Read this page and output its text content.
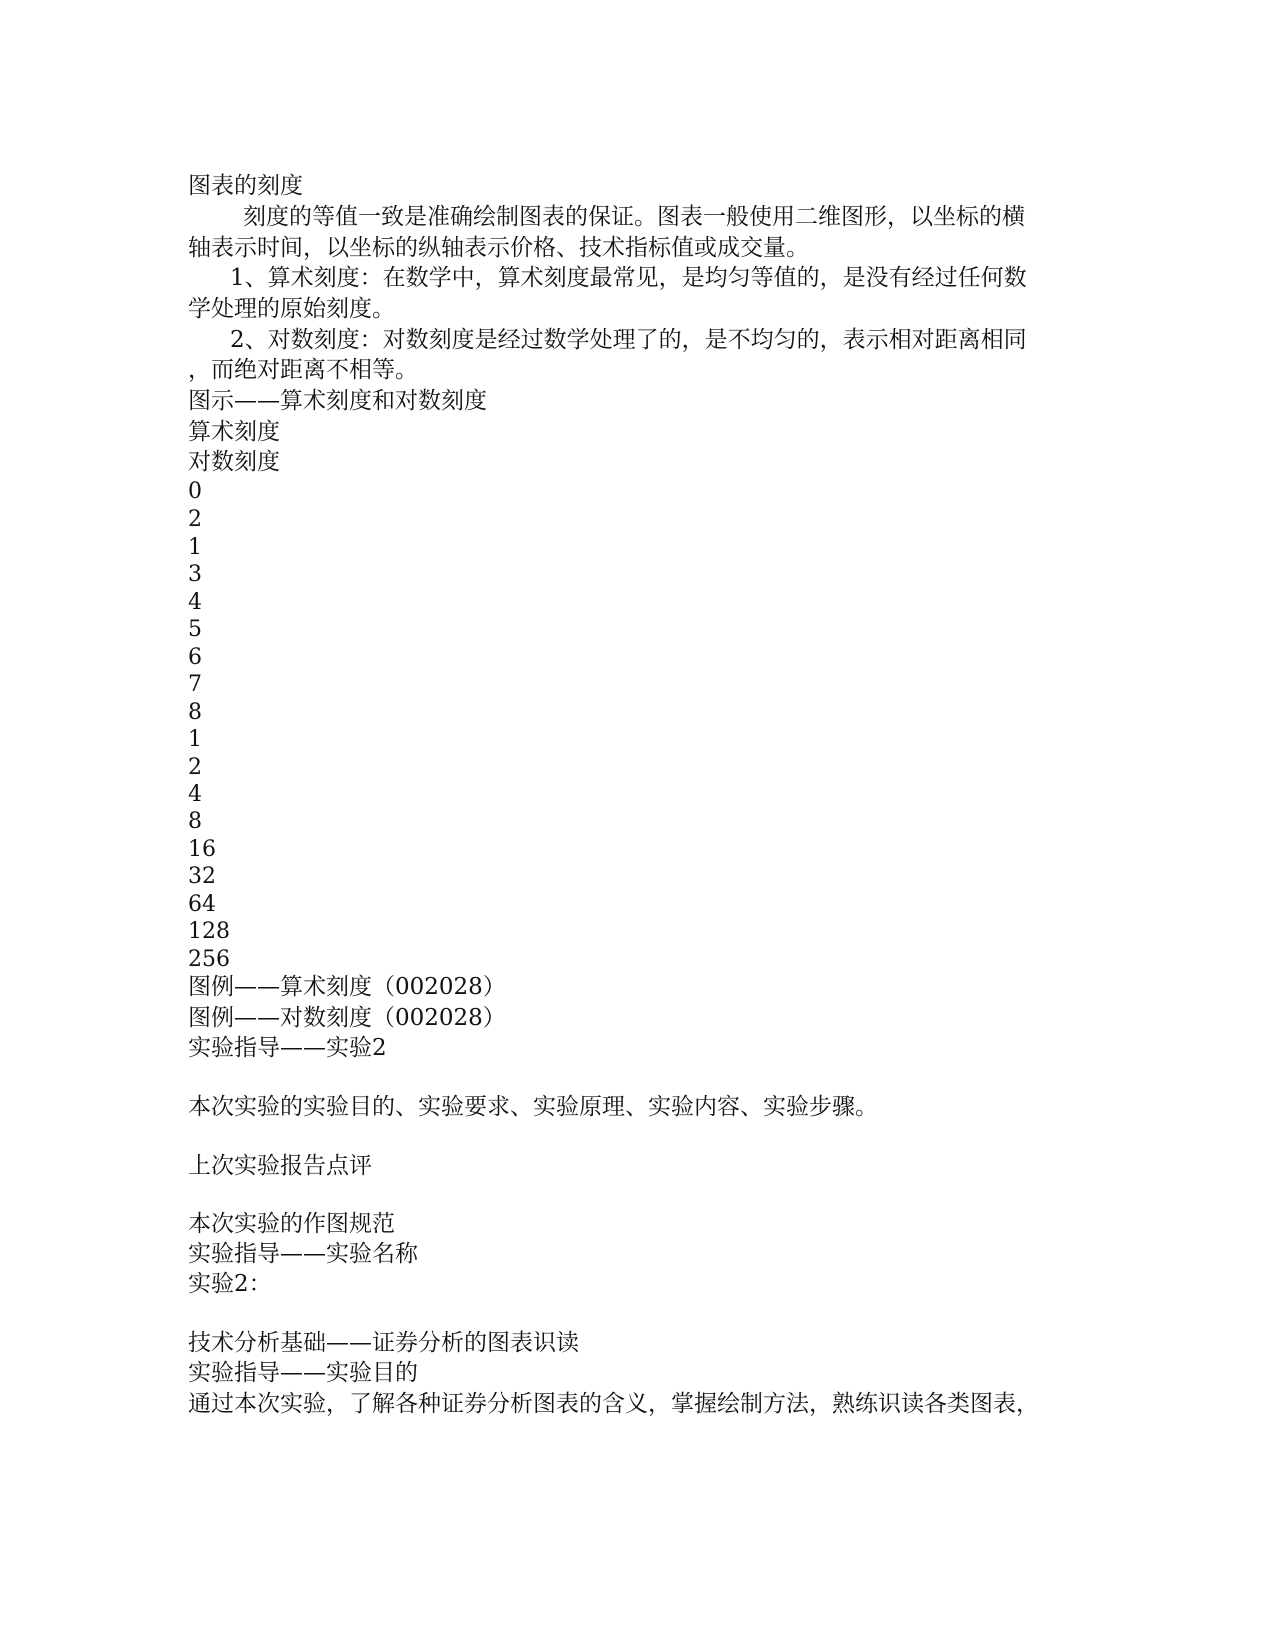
图表的刻度
刻度的等值一致是准确绘制图表的保证。图表一般使用二维图形，以坐标的横
轴表示时间，以坐标的纵轴表示价格、技术指标值或成交量。
1、算术刻度：在数学中，算术刻度最常见，是均匀等值的，是没有经过任何数
学处理的原始刻度。
2、对数刻度：对数刻度是经过数学处理了的，是不均匀的，表示相对距离相同
，而绝对距离不相等。
图示——算术刻度和对数刻度
算术刻度
对数刻度
0
2
1
3
4
5
6
7
8
1
2
4
8
16
32
64
128
256
图例——算术刻度（002028）
图例——对数刻度（002028）
实验指导——实验2
本次实验的实验目的、实验要求、实验原理、实验内容、实验步骤。
上次实验报告点评
本次实验的作图规范
实验指导——实验名称
实验2：
技术分析基础——证券分析的图表识读
实验指导——实验目的
通过本次实验，了解各种证券分析图表的含义，掌握绘制方法，熟练识读各类图表，
